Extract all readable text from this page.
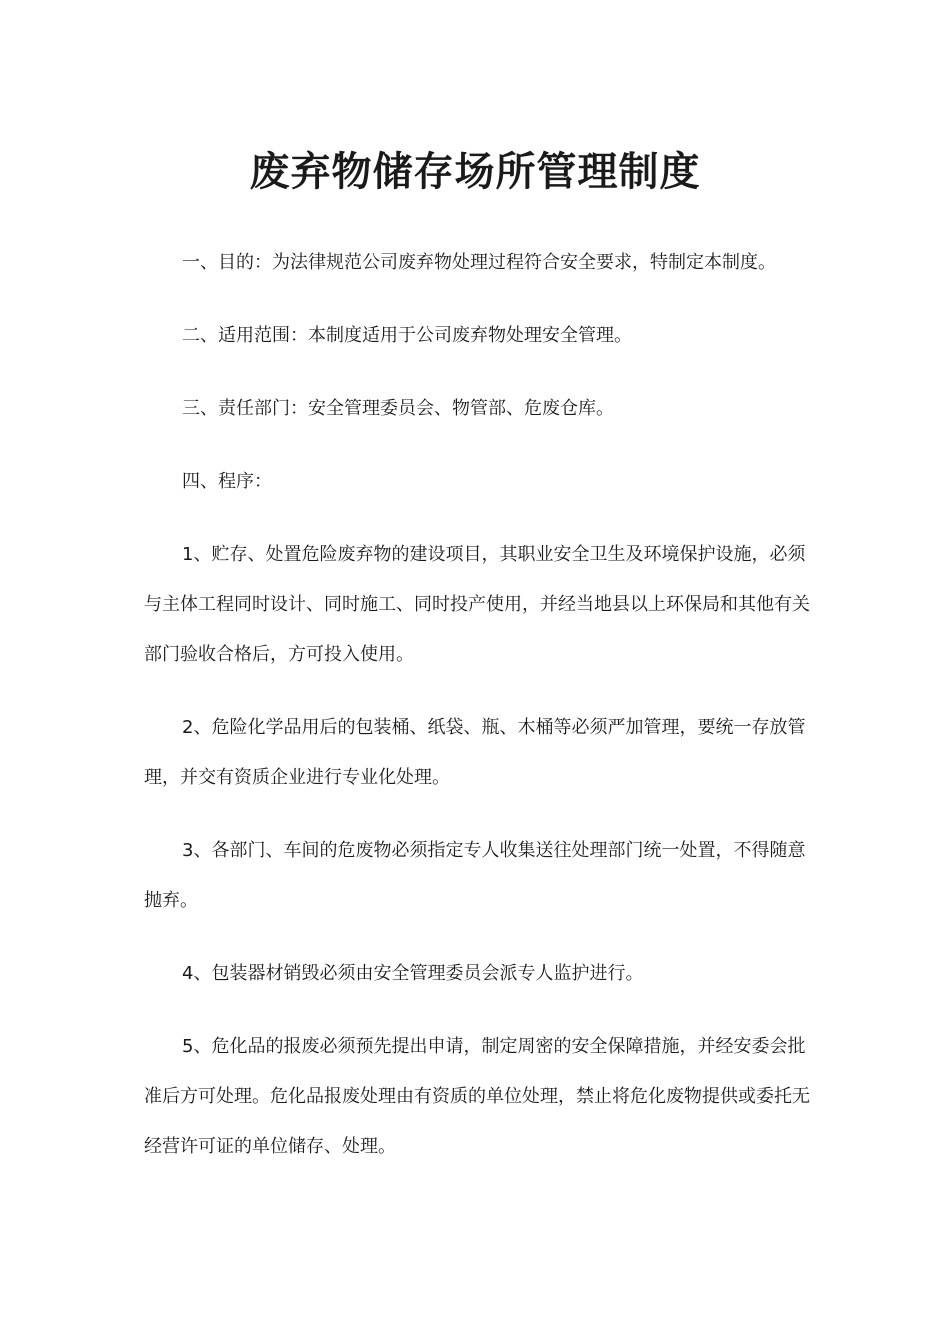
废弃物储存场所管理制度

一、目的：为法律规范公司废弃物处理过程符合安全要求，特制定本制度。

二、适用范围：本制度适用于公司废弃物处理安全管理。

三、责任部门：安全管理委员会、物管部、危废仓库。

四、程序：

1、贮存、处置危险废弃物的建设项目，其职业安全卫生及环境保护设施，必须与主体工程同时设计、同时施工、同时投产使用，并经当地县以上环保局和其他有关部门验收合格后，方可投入使用。

2、危险化学品用后的包装桶、纸袋、瓶、木桶等必须严加管理，要统一存放管理，并交有资质企业进行专业化处理。

3、各部门、车间的危废物必须指定专人收集送往处理部门统一处置，不得随意抛弃。

4、包装器材销毁必须由安全管理委员会派专人监护进行。

5、危化品的报废必须预先提出申请，制定周密的安全保障措施，并经安委会批准后方可处理。危化品报废处理由有资质的单位处理，禁止将危化废物提供或委托无经营许可证的单位储存、处理。
